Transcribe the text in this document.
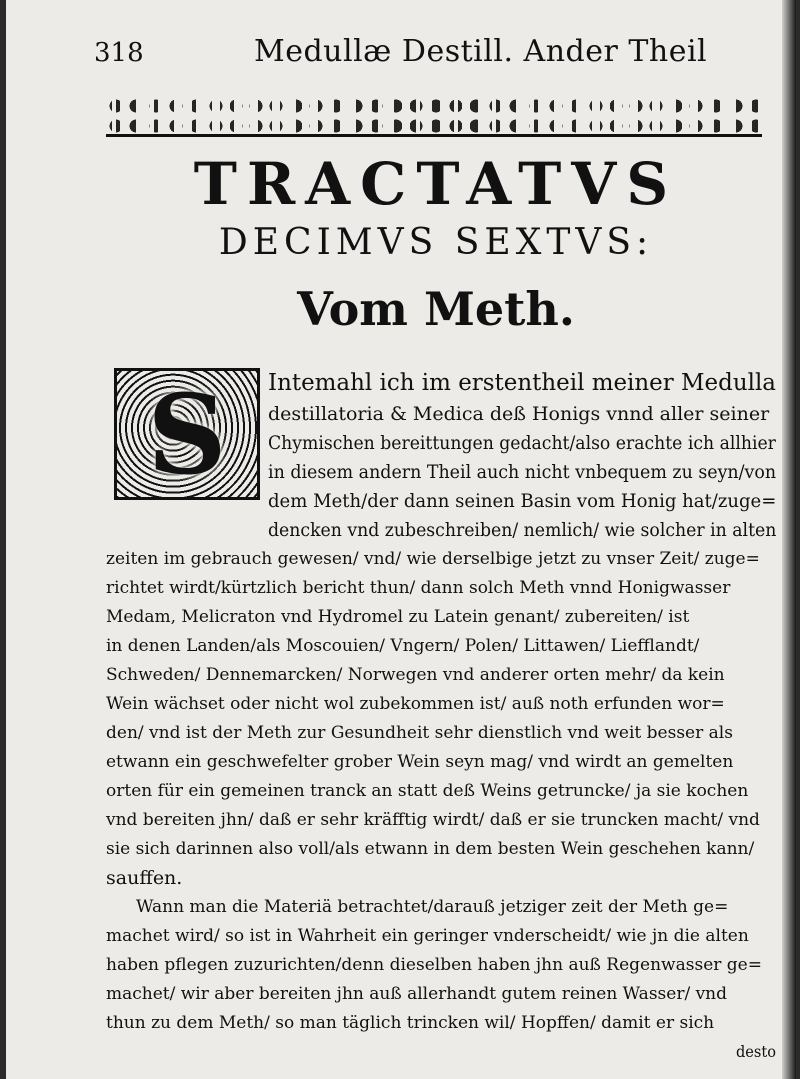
318	Medullæ Destill. Ander Theil
TRACTATVS
DECIMVS SEXTVS:
Vom Meth.
S	Intemahl ich im erstentheil meiner Medulla
destillatoria & Medica deß Honigs vnnd aller seiner
Chymischen bereittungen gedacht/also erachte ich allhier
in diesem andern Theil auch nicht vnbequem zu seyn/von
dem Meth/der dann seinen Basin vom Honig hat/zuge=
dencken vnd zubeschreiben/ nemlich/ wie solcher in alten
zeiten im gebrauch gewesen/ vnd/ wie derselbige jetzt zu vnser Zeit/ zuge=
richtet wirdt/kürtzlich bericht thun/ dann solch Meth vnnd Honigwasser
Medam, Melicraton vnd Hydromel zu Latein genant/ zubereiten/ ist
in denen Landen/als Moscouien/ Vngern/ Polen/ Littawen/ Liefflandt/
Schweden/ Dennemarcken/ Norwegen vnd anderer orten mehr/ da kein
Wein wächset oder nicht wol zubekommen ist/ auß noth erfunden wor=
den/ vnd ist der Meth zur Gesundheit sehr dienstlich vnd weit besser als
etwann ein geschwefelter grober Wein seyn mag/ vnd wirdt an gemelten
orten für ein gemeinen tranck an statt deß Weins getruncke/ ja sie kochen
vnd bereiten jhn/ daß er sehr kräfftig wirdt/ daß er sie truncken macht/ vnd
sie sich darinnen also voll/als etwann in dem besten Wein geschehen kann/
sauffen.
Wann man die Materiä betrachtet/darauß jetziger zeit der Meth ge=
machet wird/ so ist in Wahrheit ein geringer vnderscheidt/ wie jn die alten
haben pflegen zuzurichten/denn dieselben haben jhn auß Regenwasser ge=
machet/ wir aber bereiten jhn auß allerhandt gutem reinen Wasser/ vnd
thun zu dem Meth/ so man täglich trincken wil/ Hopffen/ damit er sich
desto
